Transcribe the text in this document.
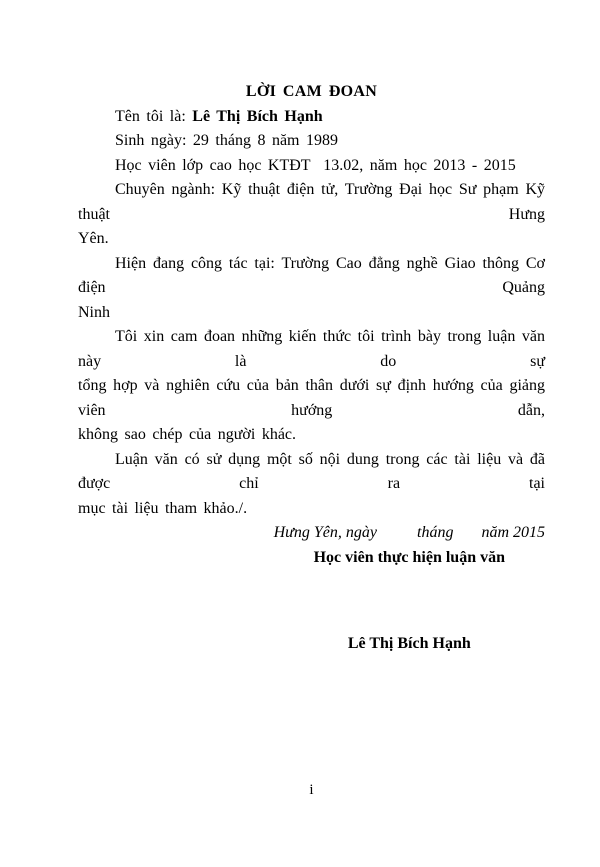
LỜI CAM ĐOAN
Tên tôi là: Lê Thị Bích Hạnh
Sinh ngày: 29 tháng 8 năm 1989
Học viên lớp cao học KTĐT  13.02, năm học 2013 - 2015
Chuyên ngành: Kỹ thuật điện tử, Trường Đại học Sư phạm Kỹ thuật Hưng
Yên.
Hiện đang công tác tại: Trường Cao đẳng nghề Giao thông Cơ điện Quảng
Ninh
Tôi xin cam đoan những kiến thức tôi trình bày trong luận văn này là do sự
tổng hợp và nghiên cứu của bản thân dưới sự định hướng của giảng viên hướng dẫn,
không sao chép của người khác.
Luận văn có sử dụng một số nội dung trong các tài liệu và đã được chỉ ra tại
mục tài liệu tham khảo./.
Hưng Yên, ngày          tháng       năm 2015
Học viên thực hiện luận văn
Lê Thị Bích Hạnh
i
